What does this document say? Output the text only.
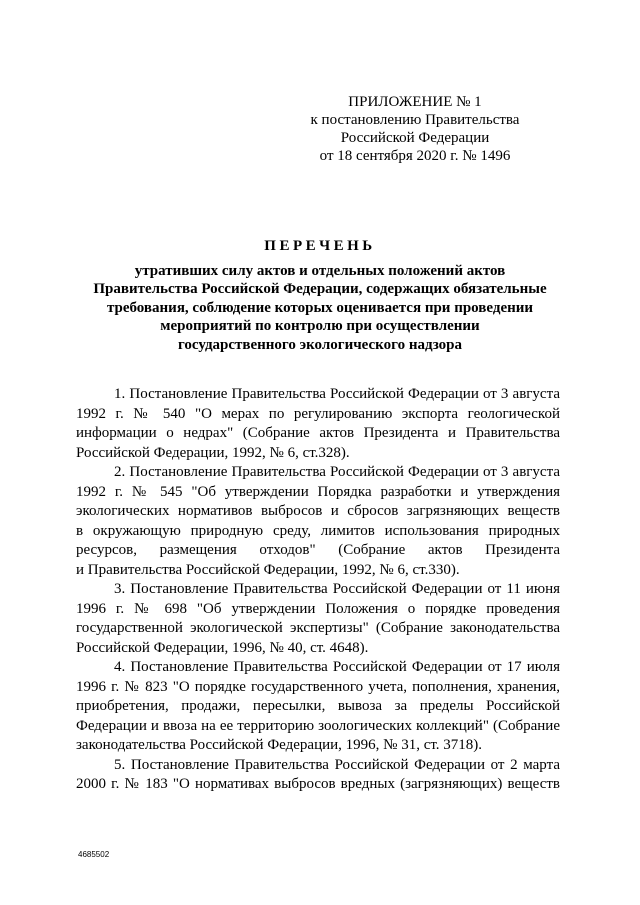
ПРИЛОЖЕНИЕ № 1
к постановлению Правительства
Российской Федерации
от 18 сентября 2020 г. № 1496
ПЕРЕЧЕНЬ
утративших силу актов и отдельных положений актов
Правительства Российской Федерации, содержащих обязательные
требования, соблюдение которых оценивается при проведении
мероприятий по контролю при осуществлении
государственного экологического надзора
1. Постановление Правительства Российской Федерации от 3 августа
1992 г. № 540 "О мерах по регулированию экспорта геологической
информации о недрах" (Собрание актов Президента и Правительства
Российской Федерации, 1992, № 6, ст.328).
2. Постановление Правительства Российской Федерации от 3 августа
1992 г. № 545 "Об утверждении Порядка разработки и утверждения
экологических нормативов выбросов и сбросов загрязняющих веществ
в окружающую природную среду, лимитов использования природных
ресурсов, размещения отходов" (Собрание актов Президента
и Правительства Российской Федерации, 1992, № 6, ст.330).
3. Постановление Правительства Российской Федерации от 11 июня
1996 г. № 698 "Об утверждении Положения о порядке проведения
государственной экологической экспертизы" (Собрание законодательства
Российской Федерации, 1996, № 40, ст. 4648).
4. Постановление Правительства Российской Федерации от 17 июля
1996 г. № 823 "О порядке государственного учета, пополнения, хранения,
приобретения, продажи, пересылки, вывоза за пределы Российской
Федерации и ввоза на ее территорию зоологических коллекций" (Собрание
законодательства Российской Федерации, 1996, № 31, ст. 3718).
5. Постановление Правительства Российской Федерации от 2 марта
2000 г. № 183 "О нормативах выбросов вредных (загрязняющих) веществ
4685502
